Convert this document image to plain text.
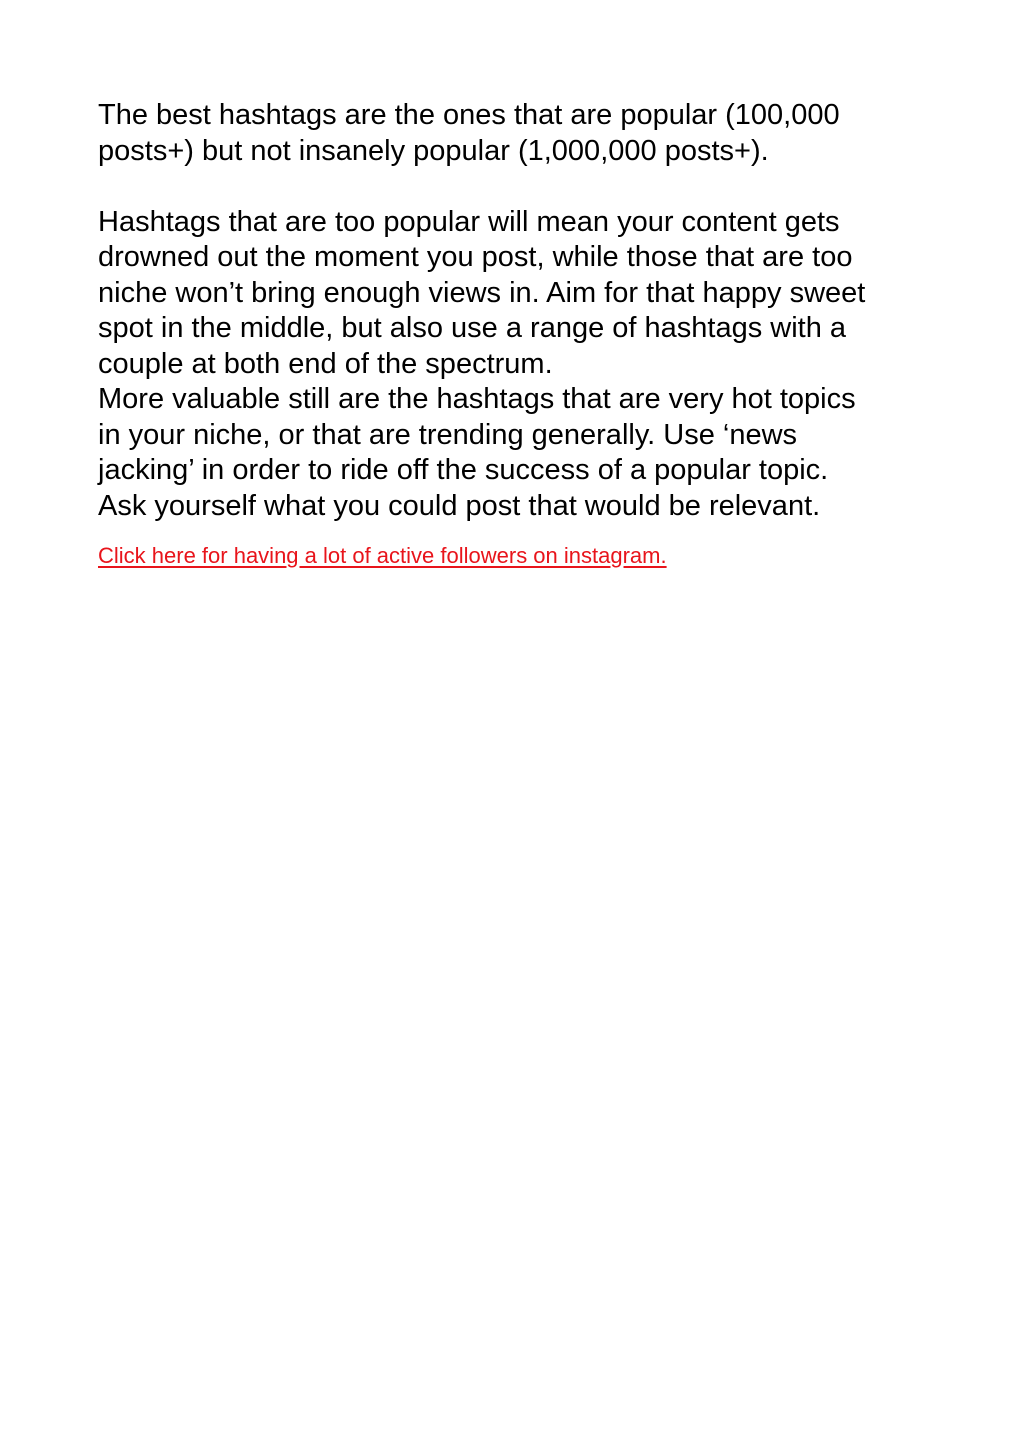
The best hashtags are the ones that are popular (100,000
posts+) but not insanely popular (1,000,000 posts+).

Hashtags that are too popular will mean your content gets
drowned out the moment you post, while those that are too
niche won’t bring enough views in. Aim for that happy sweet
spot in the middle, but also use a range of hashtags with a
couple at both end of the spectrum.
More valuable still are the hashtags that are very hot topics
in your niche, or that are trending generally. Use ‘news
jacking’ in order to ride off the success of a popular topic.
Ask yourself what you could post that would be relevant.

Click here for having a lot of active followers on instagram.
